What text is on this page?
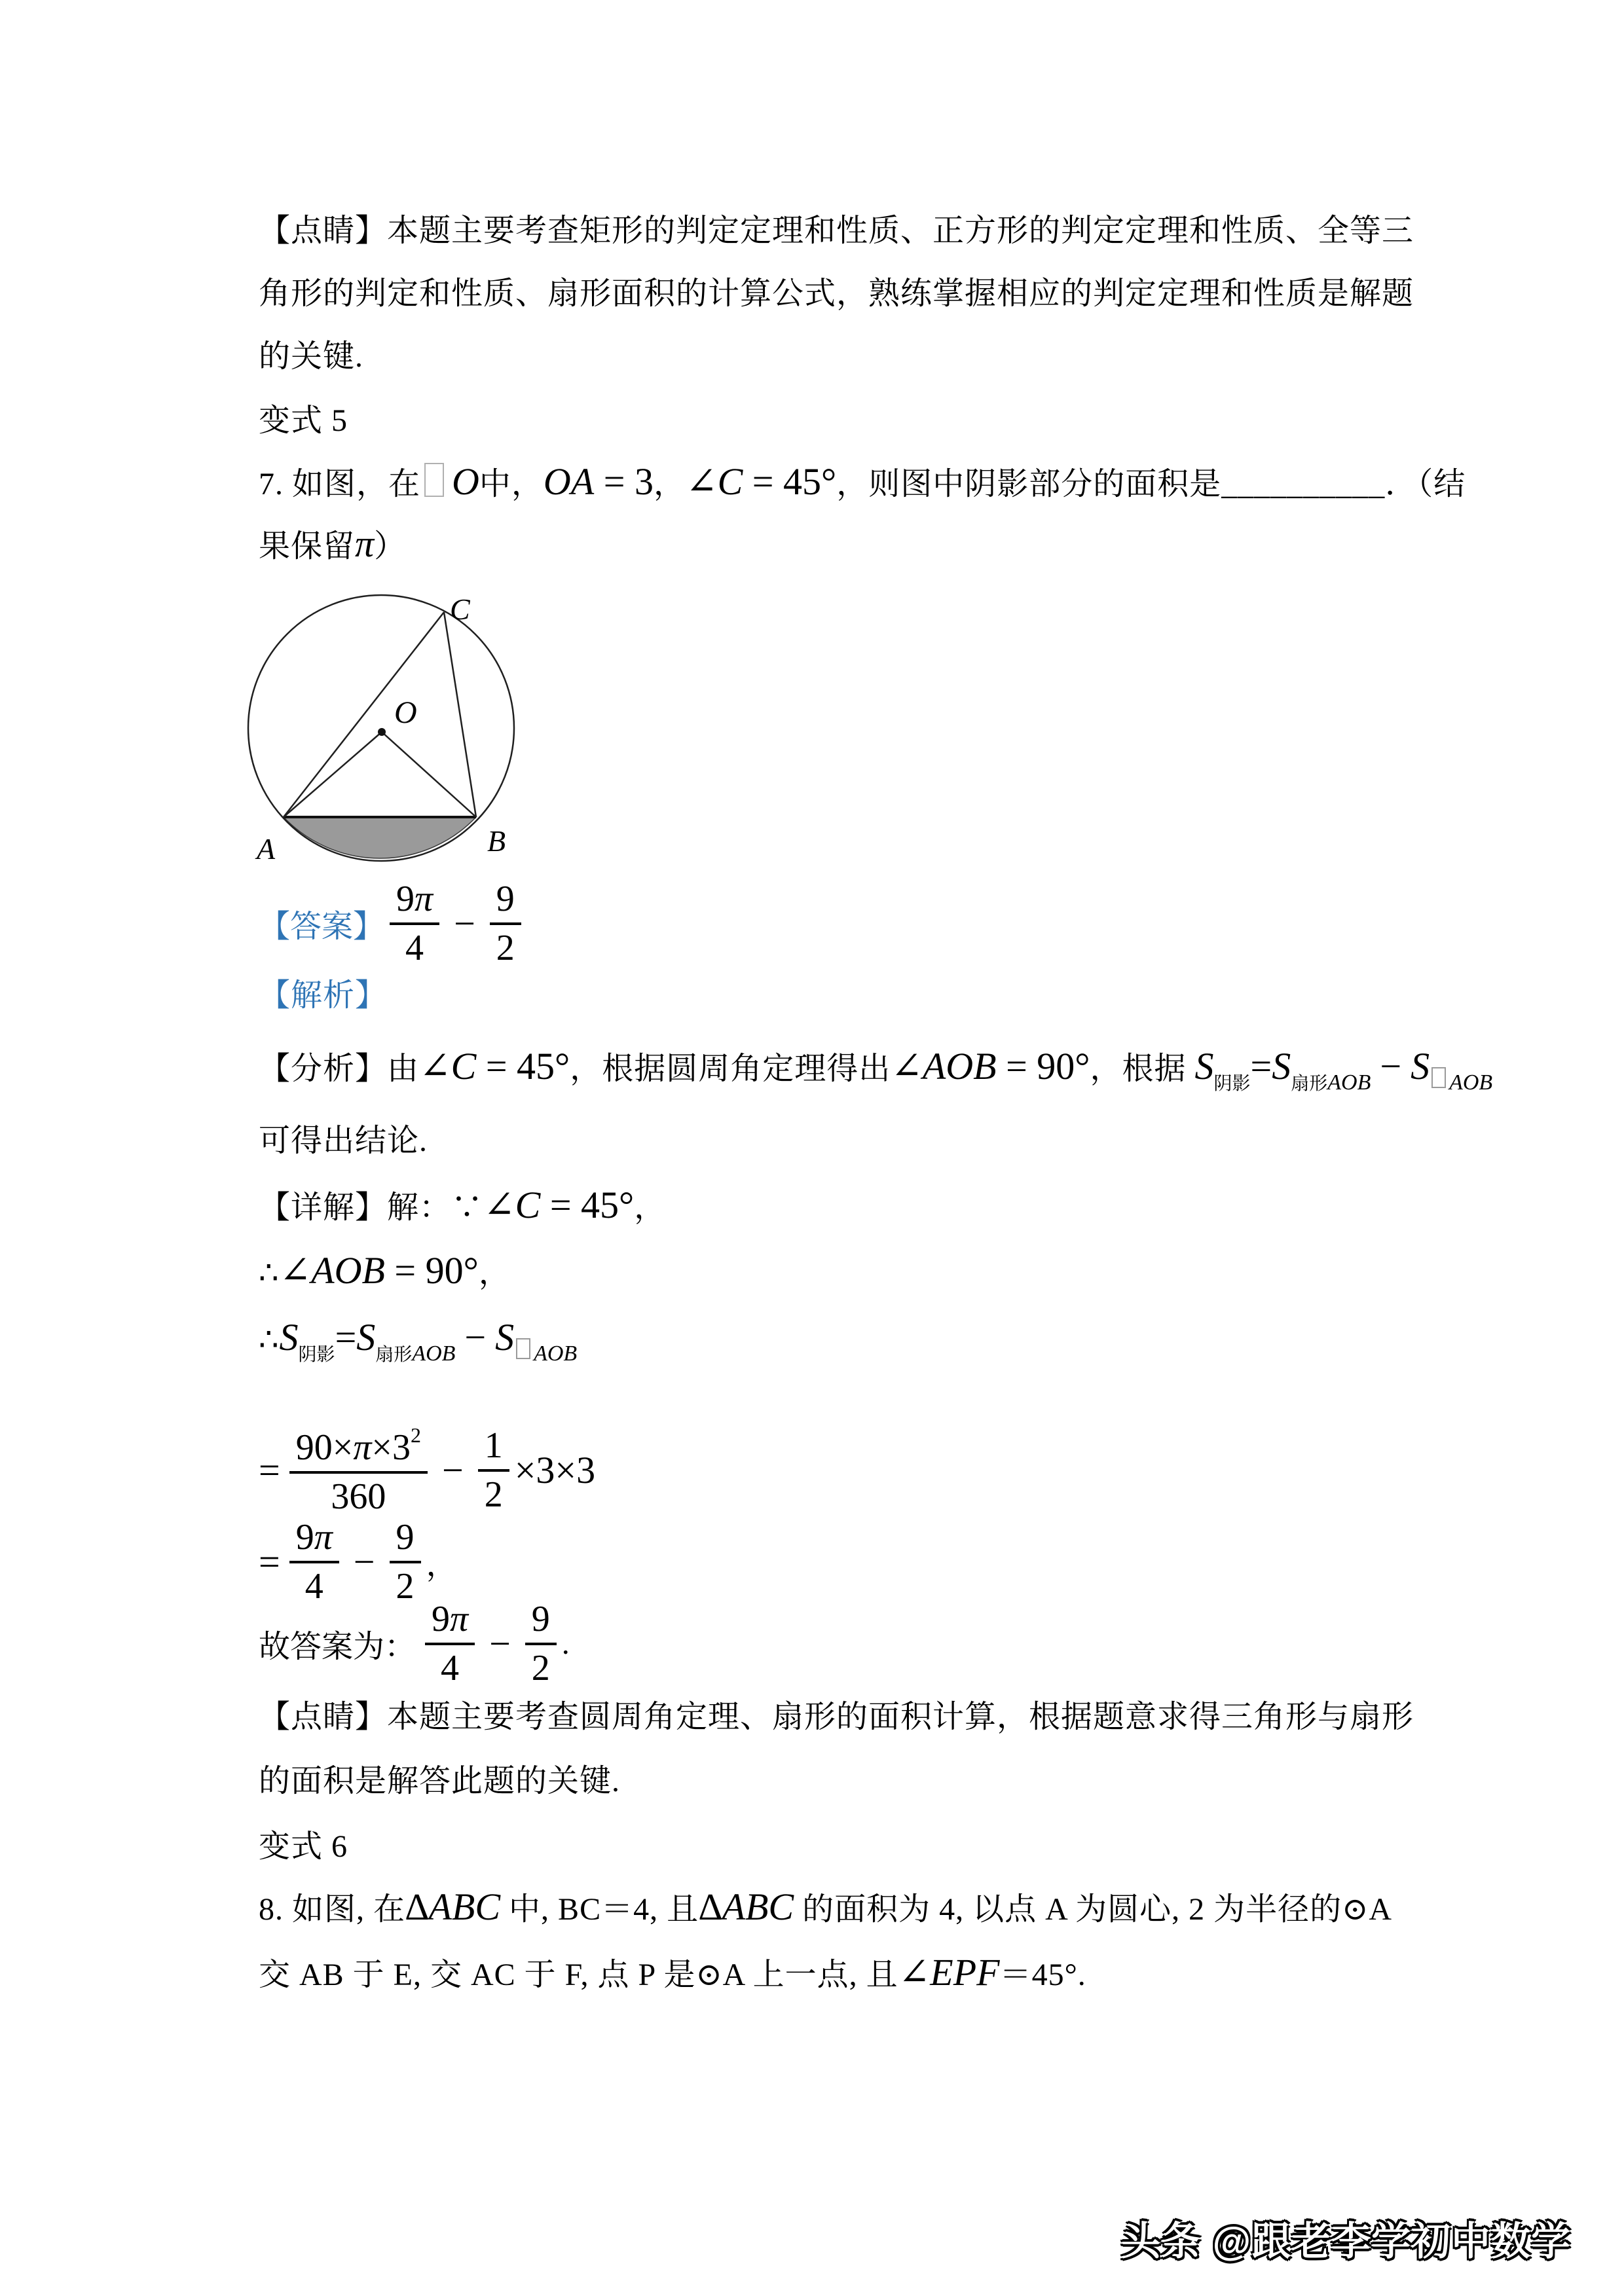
【点睛】本题主要考查矩形的判定定理和性质、正方形的判定定理和性质、全等三
角形的判定和性质、扇形面积的计算公式，熟练掌握相应的判定定理和性质是解题
的关键.
变式 5
7. 如图，在 O中，OA = 3，∠C = 45°，则图中阴影部分的面积是__________．（结
果保留π）
C
O
A	B
【答案】 $\frac{9\pi}{4} - \frac{9}{2}$
【解析】
【分析】由∠C = 45°，根据圆周角定理得出∠AOB = 90°，根据 $S_{阴影}=S_{扇形AOB} - S$ $_{AOB}$
可得出结论.
【详解】解：∵∠C = 45°，
∴∠AOB = 90°，
$\therefore S_{阴影}=S_{扇形AOB} - S$ $_{AOB}$
= $\frac{90\times\pi\times 3^2}{360} - \frac{1}{2} \times 3\times 3$
= $\frac{9\pi}{4} - \frac{9}{2}$ ，
故答案为： $\frac{9\pi}{4} - \frac{9}{2}$ .
【点睛】本题主要考查圆周角定理、扇形的面积计算，根据题意求得三角形与扇形
的面积是解答此题的关键.
变式 6
8. 如图, 在∆ABC 中, BC＝4, 且∆ABC 的面积为 4, 以点 A 为圆心, 2 为半径的⊙A
交 AB 于 E, 交 AC 于 F, 点 P 是⊙A 上一点, 且∠EPF＝45°.
头条 @跟老李学初中数学
